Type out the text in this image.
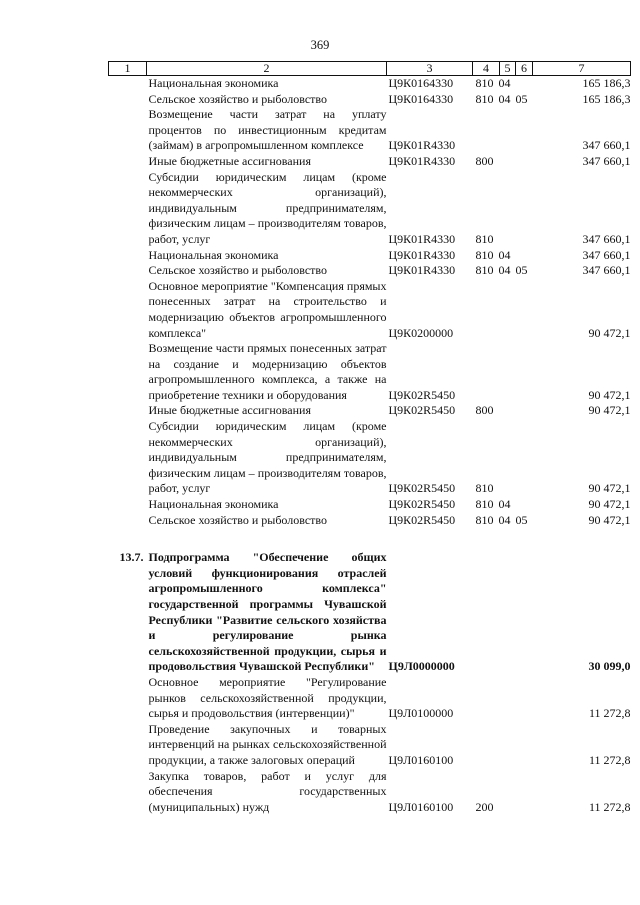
369
1	2	3	4	5	6	7

	Национальная экономика	Ц9К0164330	810 04			165 186,3

	Сельское хозяйство и рыболовство	Ц9К0164330	810 04 05			165 186,3

	Возмещение части затрат на уплату процентов по инвестиционным кредитам (займам) в агропромышленном комплексе	Ц9К01R4330				347 660,1

	Иные бюджетные ассигнования	Ц9К01R4330	800			347 660,1

	Субсидии юридическим лицам (кроме некоммерческих организаций), индивидуальным предпринимателям, физическим лицам – производителям товаров, работ, услуг	Ц9К01R4330	810			347 660,1

	Национальная экономика	Ц9К01R4330	810 04			347 660,1

	Сельское хозяйство и рыболовство	Ц9К01R4330	810 04 05			347 660,1

	Основное мероприятие "Компенсация прямых понесенных затрат на строительство и модернизацию объектов агропромышленного комплекса"	Ц9К0200000				90 472,1

	Возмещение части прямых понесенных затрат на создание и модернизацию объектов агропромышленного комплекса, а также на приобретение техники и оборудования	Ц9К02R5450				90 472,1

	Иные бюджетные ассигнования	Ц9К02R5450	800			90 472,1

	Субсидии юридическим лицам (кроме некоммерческих организаций), индивидуальным предпринимателям, физическим лицам – производителям товаров, работ, услуг	Ц9К02R5450	810			90 472,1

	Национальная экономика	Ц9К02R5450	810 04			90 472,1

	Сельское хозяйство и рыболовство	Ц9К02R5450	810 04 05			90 472,1

13.7.	Подпрограмма "Обеспечение общих условий функционирования отраслей агропромышленного комплекса" государственной программы Чувашской Республики "Развитие сельского хозяйства и регулирование рынка сельскохозяйственной продукции, сырья и продовольствия Чувашской Республики"	Ц9Л0000000				30 099,0

	Основное мероприятие "Регулирование рынков сельскохозяйственной продукции, сырья и продовольствия (интервенции)"	Ц9Л0100000				11 272,8

	Проведение закупочных и товарных интервенций на рынках сельскохозяйственной продукции, а также залоговых операций	Ц9Л0160100				11 272,8

	Закупка товаров, работ и услуг для обеспечения государственных (муниципальных) нужд	Ц9Л0160100	200			11 272,8
